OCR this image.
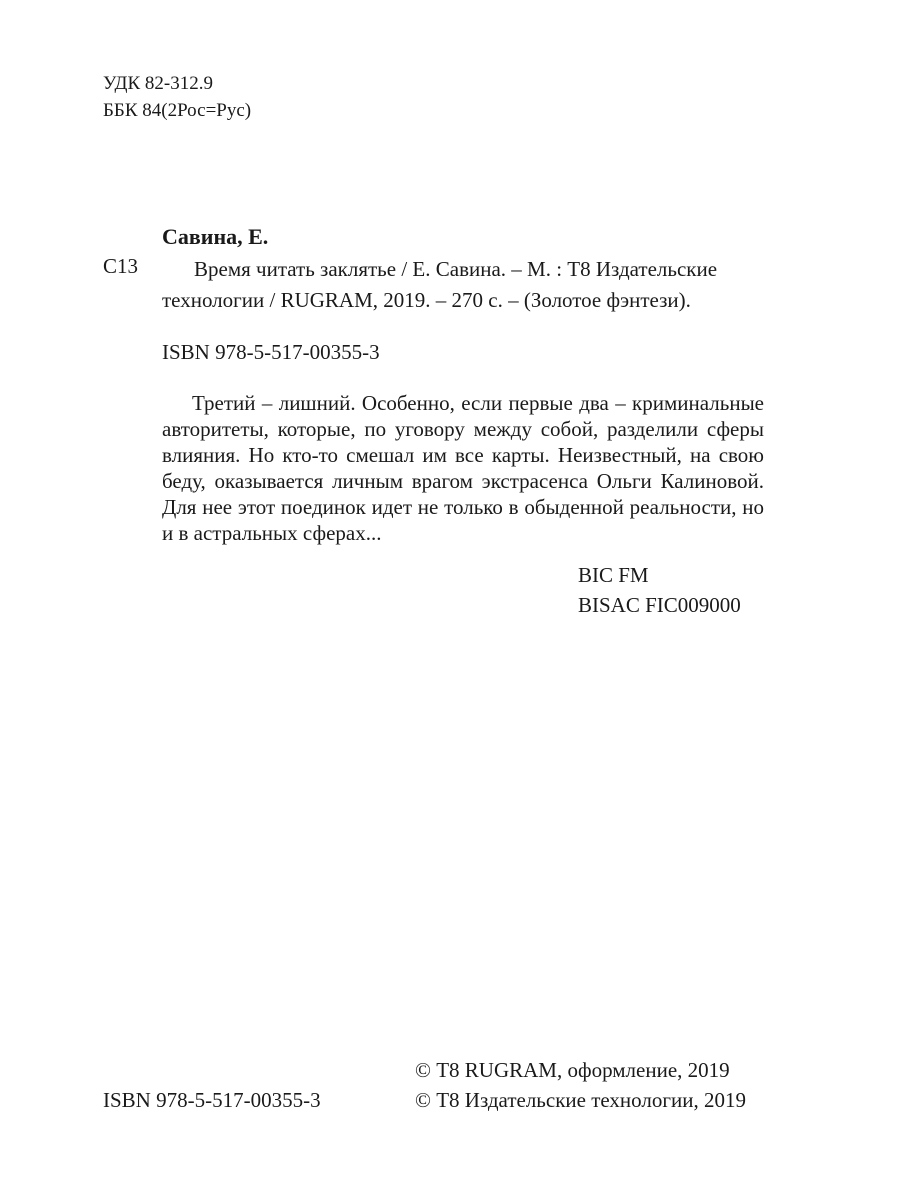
УДК 82-312.9
ББК 84(2Рос=Рус)
Савина, Е.
С13	Время читать заклятье / Е. Савина. – М. : Т8 Издательские технологии / RUGRAM, 2019. – 270 с. – (Золотое фэнтези).
ISBN 978-5-517-00355-3
Третий – лишний. Особенно, если первые два – криминальные авторитеты, которые, по уговору между собой, разделили сферы влияния. Но кто-то смешал им все карты. Неизвестный, на свою беду, оказывается личным врагом экстрасенса Ольги Калиновой. Для нее этот поединок идет не только в обыденной реальности, но и в астральных сферах...
BIC FM
BISAC FIC009000
© Т8 RUGRAM, оформление, 2019
© Т8 Издательские технологии, 2019
ISBN 978-5-517-00355-3
